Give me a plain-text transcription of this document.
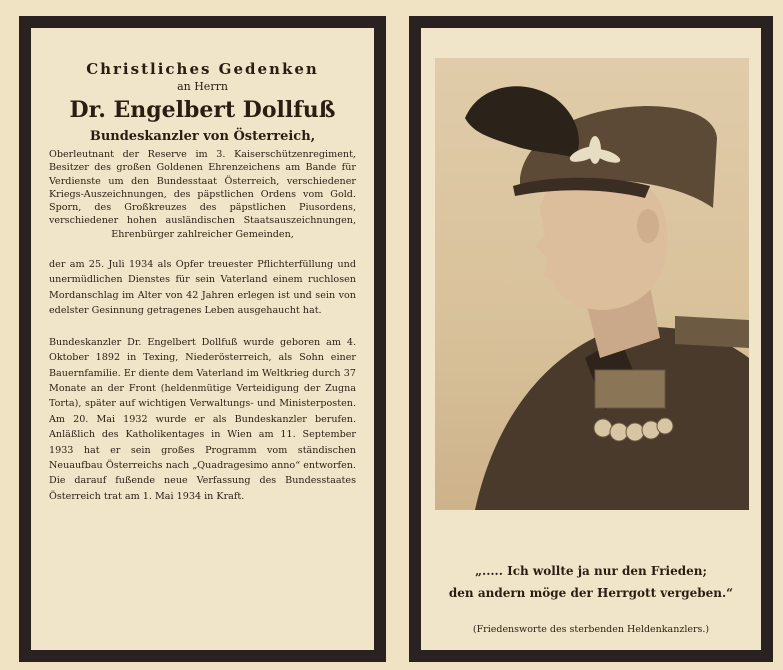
Christliches Gedenken
an Herrn
Dr. Engelbert Dollfuß
Bundeskanzler von Österreich,
Oberleutnant der Reserve im 3. Kaiserschützenregiment, Besitzer des großen Goldenen Ehrenzeichens am Bande für Verdienste um den Bundesstaat Österreich, verschiedener Kriegs-Auszeichnungen, des päpstlichen Ordens vom Gold. Sporn, des Großkreuzes des päpstlichen Piusordens, verschiedener hohen ausländischen Staatsauszeichnungen, Ehrenbürger zahlreicher Gemeinden,
der am 25. Juli 1934 als Opfer treuester Pflichterfüllung und unermüdlichen Dienstes für sein Vaterland einem ruchlosen Mordanschlag im Alter von 42 Jahren erlegen ist und sein von edelster Gesinnung getragenes Leben ausgehaucht hat.
Bundeskanzler Dr. Engelbert Dollfuß wurde geboren am 4. Oktober 1892 in Texing, Niederösterreich, als Sohn einer Bauernfamilie. Er diente dem Vaterland im Weltkrieg durch 37 Monate an der Front (heldenmütige Verteidigung der Zugna Torta), später auf wichtigen Verwaltungs- und Ministerposten. Am 20. Mai 1932 wurde er als Bundeskanzler berufen. Anläßlich des Katholikentages in Wien am 11. September 1933 hat er sein großes Programm vom ständischen Neuaufbau Österreichs nach „Quadragesimo anno“ entworfen. Die darauf fußende neue Verfassung des Bundesstaates Österreich trat am 1. Mai 1934 in Kraft.
„..... Ich wollte ja nur den Frieden;
den andern möge der Herrgott vergeben.“
(Friedensworte des sterbenden Heldenkanzlers.)
